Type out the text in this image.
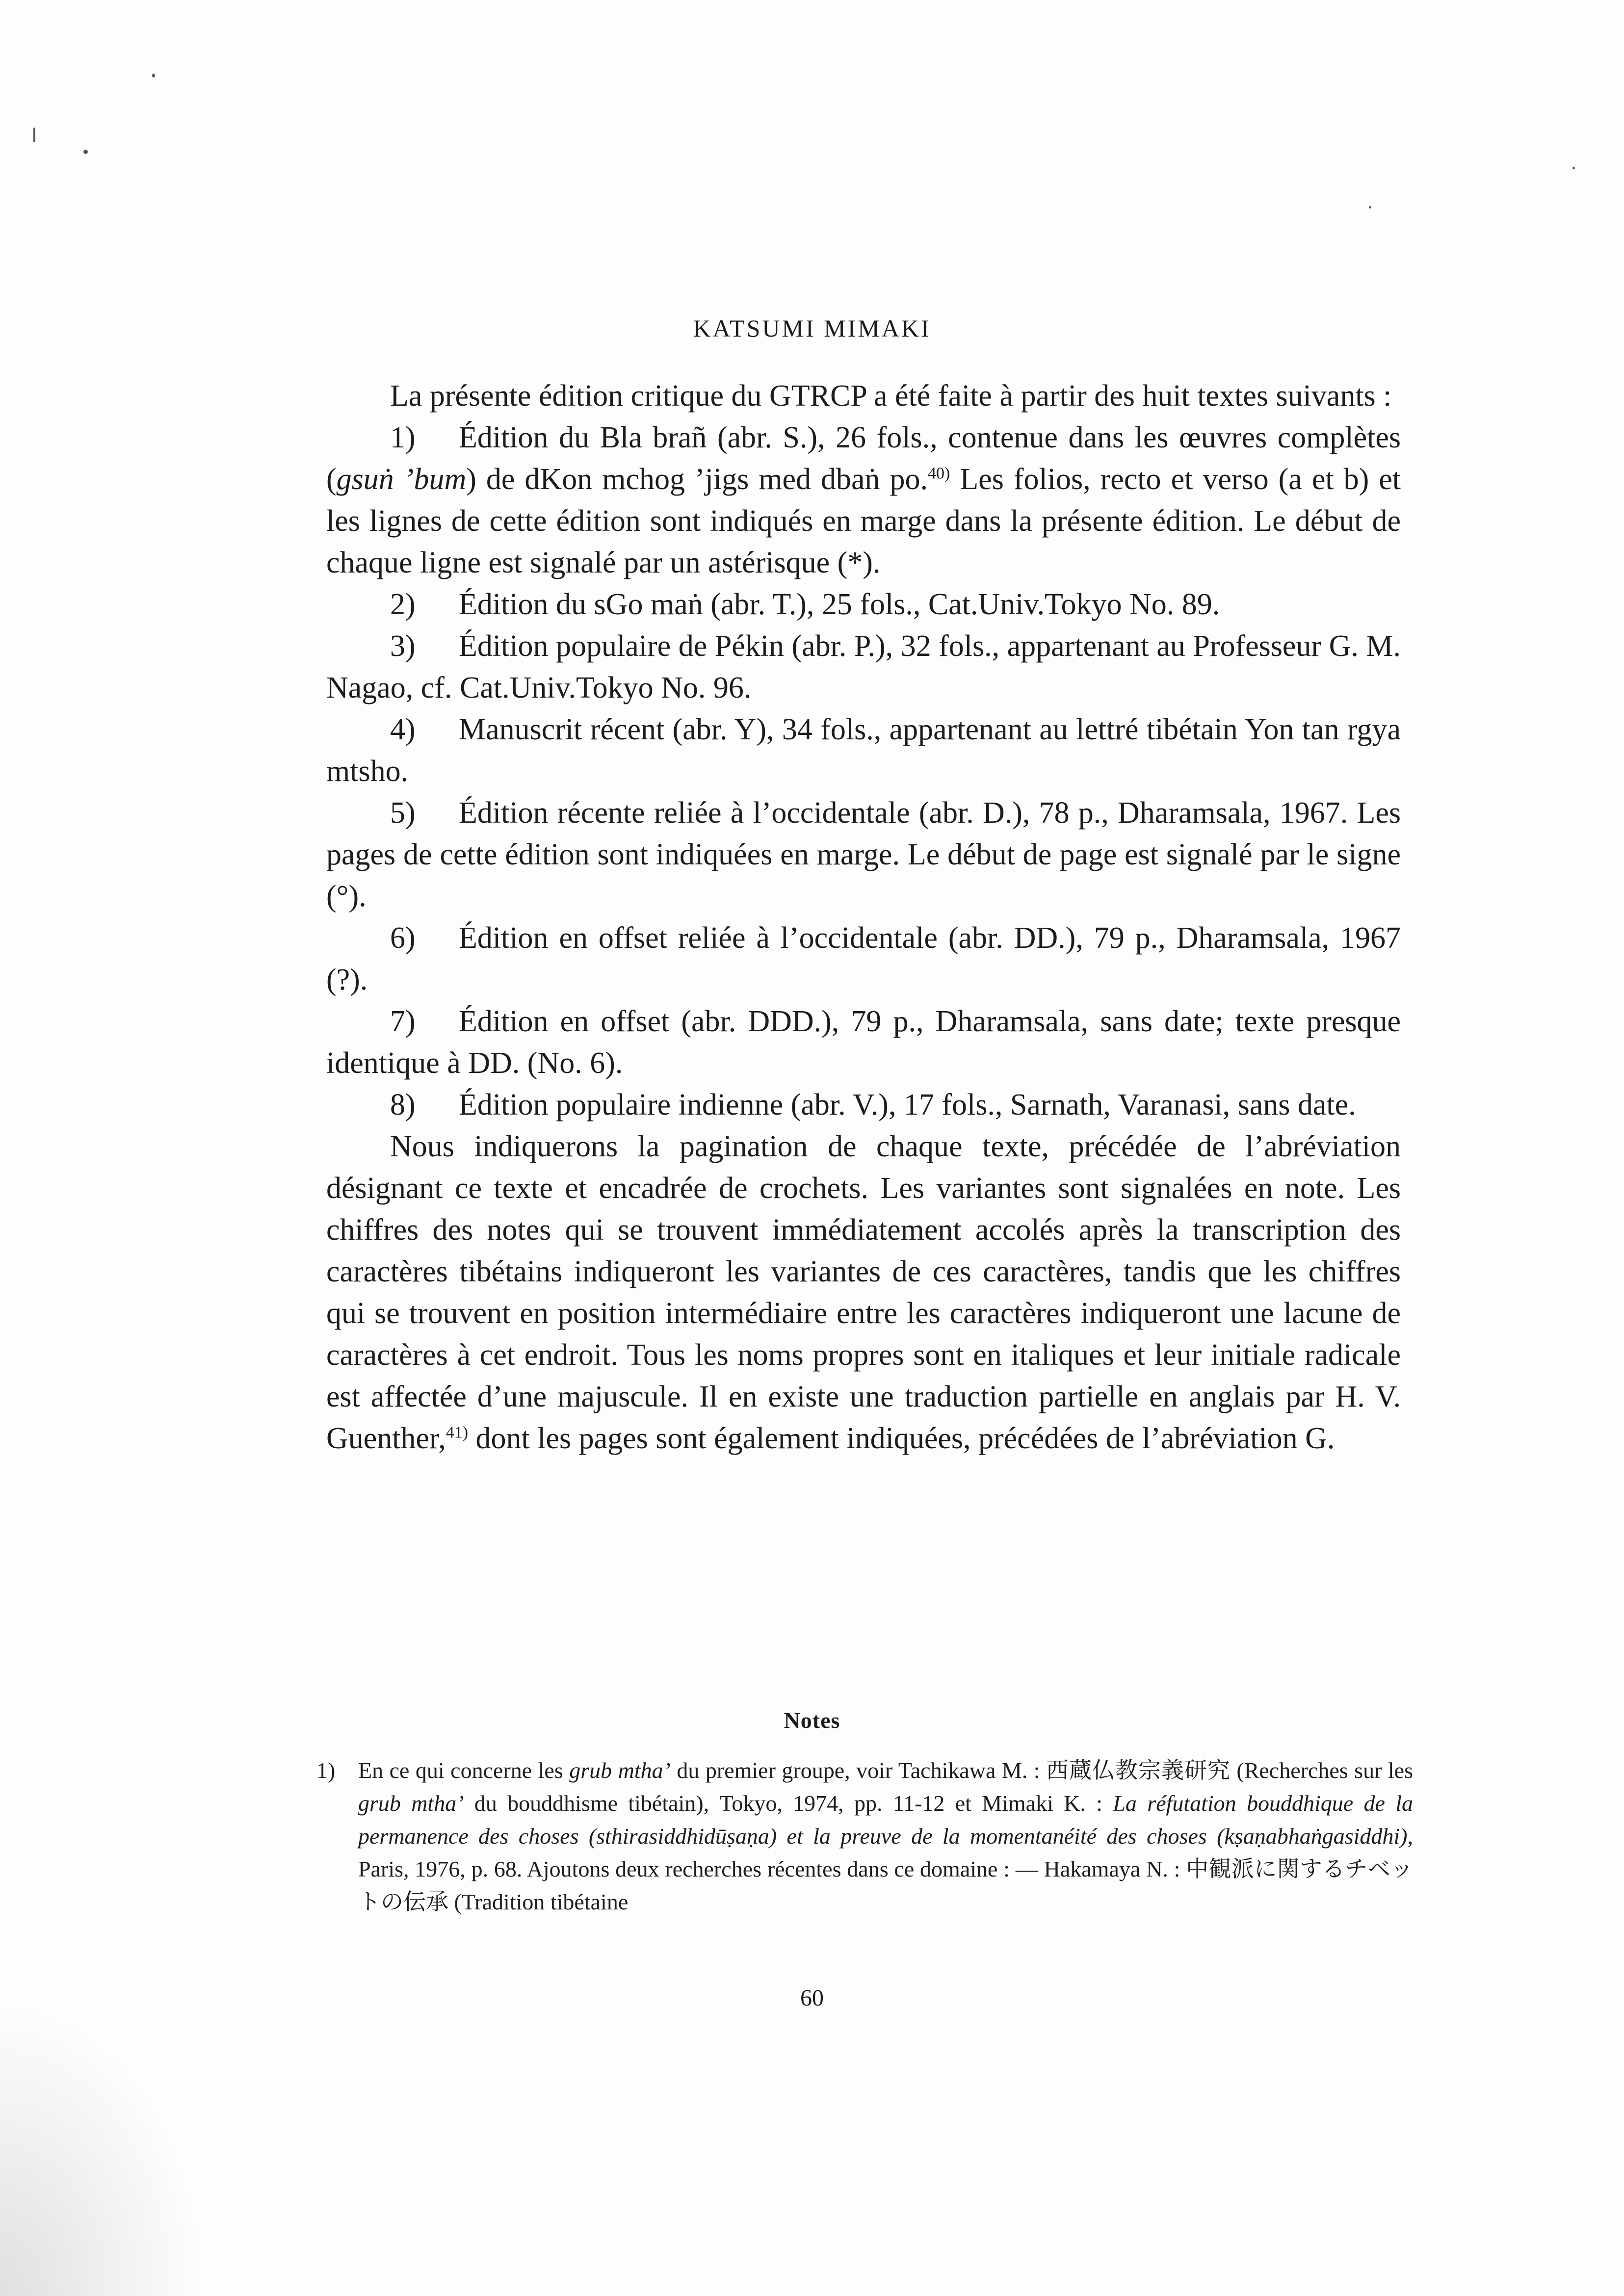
KATSUMI MIMAKI

La présente édition critique du GTRCP a été faite à partir des huit textes suivants :

1) Édition du Bla brañ (abr. S.), 26 fols., contenue dans les œuvres complètes (gsuṅ ’bum) de dKon mchog ’jigs med dbaṅ po.$^{40)}$ Les folios, recto et verso (a et b) et les lignes de cette édition sont indiqués en marge dans la présente édition. Le début de chaque ligne est signalé par un astérisque (*).

2) Édition du sGo maṅ (abr. T.), 25 fols., Cat.Univ.Tokyo No. 89.

3) Édition populaire de Pékin (abr. P.), 32 fols., appartenant au Professeur G. M. Nagao, cf. Cat.Univ.Tokyo No. 96.

4) Manuscrit récent (abr. Y), 34 fols., appartenant au lettré tibétain Yon tan rgya mtsho.

5) Édition récente reliée à l’occidentale (abr. D.), 78 p., Dharamsala, 1967. Les pages de cette édition sont indiquées en marge. Le début de page est signalé par le signe (°).

6) Édition en offset reliée à l’occidentale (abr. DD.), 79 p., Dharamsala, 1967 (?).

7) Édition en offset (abr. DDD.), 79 p., Dharamsala, sans date; texte presque identique à DD. (No. 6).

8) Édition populaire indienne (abr. V.), 17 fols., Sarnath, Varanasi, sans date.

Nous indiquerons la pagination de chaque texte, précédée de l’abréviation désignant ce texte et encadrée de crochets. Les variantes sont signalées en note. Les chiffres des notes qui se trouvent immédiatement accolés après la transcription des caractères tibétains indiqueront les variantes de ces caractères, tandis que les chiffres qui se trouvent en position intermédiaire entre les caractères indiqueront une lacune de caractères à cet endroit. Tous les noms propres sont en italiques et leur initiale radicale est affectée d’une majuscule. Il en existe une traduction partielle en anglais par H. V. Guenther,$^{41)}$ dont les pages sont également indiquées, précédées de l’abréviation G.

Notes
1) En ce qui concerne les grub mtha’ du premier groupe, voir Tachikawa M. : 西蔵仏教宗義研究 (Recherches sur les grub mtha’ du bouddhisme tibétain), Tokyo, 1974, pp. 11-12 et Mimaki K. : La réfutation bouddhique de la permanence des choses (sthirasiddhidūṣaṇa) et la preuve de la momentanéité des choses (kṣaṇabhaṅgasiddhi), Paris, 1976, p. 68. Ajoutons deux recherches récentes dans ce domaine : — Hakamaya N. : 中観派に関するチベットの伝承 (Tradition tibétaine
60
